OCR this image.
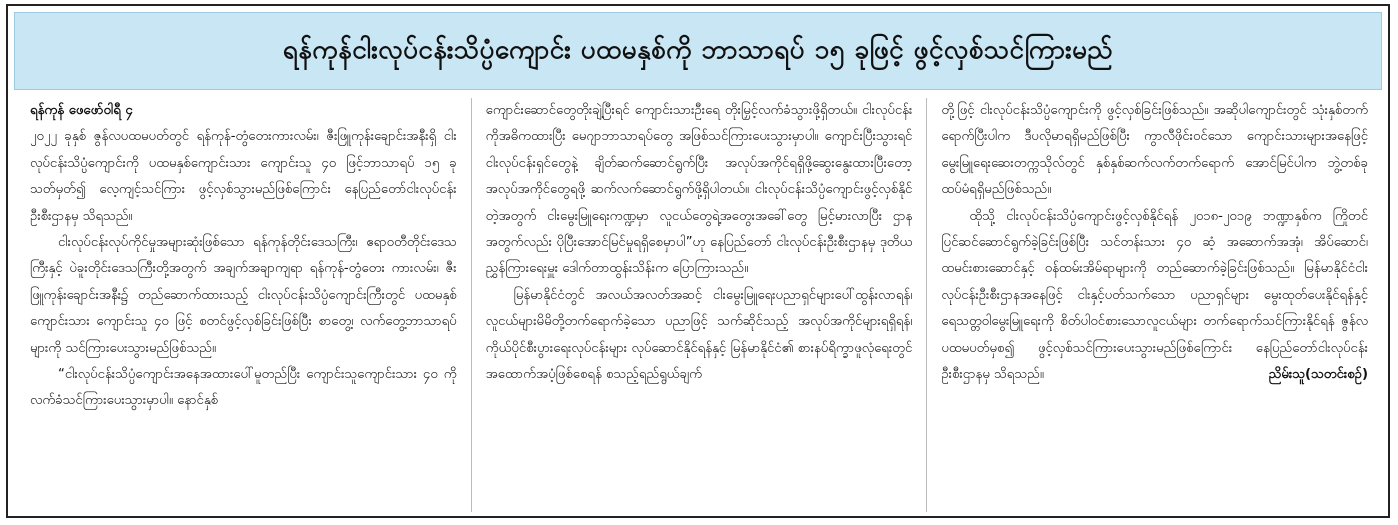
ရန်ကုန်ငါးလုပ်ငန်းသိပ္ပံကျောင်း ပထမနှစ်ကို ဘာသာရပ် ၁၅ ခုဖြင့် ဖွင့်လှစ်သင်ကြားမည်

ရန်ကုန် ဖေဖော်ဝါရီ ၄

၂၀၂၂ ခုနှစ် ဇွန်လပထမပတ်တွင် ရန်ကုန်-တွံတေးကားလမ်း၊ ဇီးဖြူကုန်းချောင်းအနီးရှိ ငါးလုပ်ငန်းသိပ္ပံကျောင်းကို ပထမနှစ်ကျောင်းသား ကျောင်းသူ ၄၀ ဖြင့်ဘာသာရပ် ၁၅ ခု သတ်မှတ်၍ လေ့ကျင့်သင်ကြား ဖွင့်လှစ်သွားမည်ဖြစ်ကြောင်း နေပြည်တော်ငါးလုပ်ငန်းဦးစီးဌာနမှ သိရသည်။

ငါးလုပ်ငန်းလုပ်ကိုင်မှုအများဆုံးဖြစ်သော ရန်ကုန်တိုင်းဒေသကြီး၊ ဧရာဝတီတိုင်းဒေသကြီးနှင့် ပဲခူးတိုင်းဒေသကြီးတို့အတွက် အချက်အချာကျရာ ရန်ကုန်-တွံတေး ကားလမ်း၊ ဇီးဖြူကုန်းချောင်းအနီး၌ တည်ဆောက်ထားသည့် ငါးလုပ်ငန်းသိပ္ပံကျောင်းကြီးတွင် ပထမနှစ်ကျောင်းသား ကျောင်းသူ ၄၀ ဖြင့် စတင်ဖွင့်လှစ်ခြင်းဖြစ်ပြီး စာတွေ့၊ လက်တွေ့ဘာသာရပ်များကို သင်ကြားပေးသွားမည်ဖြစ်သည်။

“ငါးလုပ်ငန်းသိပ္ပံကျောင်းအနေအထားပေါ်မူတည်ပြီး ကျောင်းသူကျောင်းသား ၄၀ ကို လက်ခံသင်ကြားပေးသွားမှာပါ။ နောင်နှစ်

ကျောင်းဆောင်တွေတိုးချဲ့ပြီးရင် ကျောင်းသားဦးရေ တိုးမြှင့်လက်ခံသွားဖို့ရှိတယ်။ ငါးလုပ်ငန်းကိုအဓိကထားပြီး မေဂျာဘာသာရပ်တွေ အဖြစ်သင်ကြားပေးသွားမှာပါ။ ကျောင်းပြီးသွားရင် ငါးလုပ်ငန်းရှင်တွေနဲ့ ချိတ်ဆက်ဆောင်ရွက်ပြီး အလုပ်အကိုင်ရရှိဖို့ဆွေးနွေးထားပြီးတော့ အလုပ်အကိုင်တွေရဖို့ ဆက်လက်ဆောင်ရွက်ဖို့ရှိပါတယ်။ ငါးလုပ်ငန်းသိပ္ပံကျောင်းဖွင့်လှစ်နိုင်တဲ့အတွက် ငါးမွေးမြူရေးကဏ္ဍမှာ လူငယ်တွေရဲ့အတွေးအခေါ်တွေ မြင့်မားလာပြီး ဌာနအတွက်လည်း ပိုပြီးအောင်မြင်မှုရရှိစေမှာပါ”ဟု နေပြည်တော် ငါးလုပ်ငန်းဦးစီးဌာနမှ ဒုတိယညွှန်ကြားရေးမှူး ဒေါက်တာထွန်းသိန်းက ပြောကြားသည်။

မြန်မာနိုင်ငံတွင် အလယ်အလတ်အဆင့် ငါးမွေးမြူရေးပညာရှင်များပေါ်ထွန်းလာရန်၊ လူငယ်များမိမိတို့တက်ရောက်ခဲ့သော ပညာဖြင့် သက်ဆိုင်သည့် အလုပ်အကိုင်များရရှိရန်၊ ကိုယ်ပိုင်စီးပွားရေးလုပ်ငန်းများ လုပ်ဆောင်နိုင်ရန်နှင့် မြန်မာနိုင်ငံ၏ စားနပ်ရိက္ခာဖူလုံရေးတွင် အထောက်အပံ့ဖြစ်စေရန် စသည့်ရည်ရွယ်ချက်

တို့ဖြင့် ငါးလုပ်ငန်းသိပ္ပံကျောင်းကို ဖွင့်လှစ်ခြင်းဖြစ်သည်။ အဆိုပါကျောင်းတွင် သုံးနှစ်တက်ရောက်ပြီးပါက ဒီပလိုမာရရှိမည်ဖြစ်ပြီး ကွာလီဖိုင်းဝင်သော ကျောင်းသားများအနေဖြင့် မွေးမြူရေးဆေးတက္ကသိုလ်တွင် နှစ်နှစ်ဆက်လက်တက်ရောက် အောင်မြင်ပါက ဘွဲ့တစ်ခု ထပ်မံရရှိမည်ဖြစ်သည်။

ထိုသို့ ငါးလုပ်ငန်းသိပ္ပံကျောင်းဖွင့်လှစ်နိုင်ရန် ၂၀၁၈-၂၀၁၉ ဘဏ္ဍာနှစ်က ကြိုတင်ပြင်ဆင်ဆောင်ရွက်ခဲ့ခြင်းဖြစ်ပြီး သင်တန်းသား ၄၀ ဆံ့ အဆောက်အအုံ၊ အိပ်ဆောင်၊ ထမင်းစားဆောင်နှင့် ဝန်ထမ်းအိမ်ရာများကို တည်ဆောက်ခဲ့ခြင်းဖြစ်သည်။ မြန်မာနိုင်ငံငါးလုပ်ငန်းဦးစီးဌာနအနေဖြင့် ငါးနှင့်ပတ်သက်သော ပညာရှင်များ မွေးထုတ်ပေးနိုင်ရန်နှင့် ရေသတ္တဝါမွေးမြူရေးကို စိတ်ပါဝင်စားသောလူငယ်များ တက်ရောက်သင်ကြားနိုင်ရန် ဇွန်လပထမပတ်မှစ၍ ဖွင့်လှစ်သင်ကြားပေးသွားမည်ဖြစ်ကြောင်း နေပြည်တော်ငါးလုပ်ငန်းဦးစီးဌာနမှ သိရသည်။	ညိမ်းသူ(သတင်းစဉ်)
